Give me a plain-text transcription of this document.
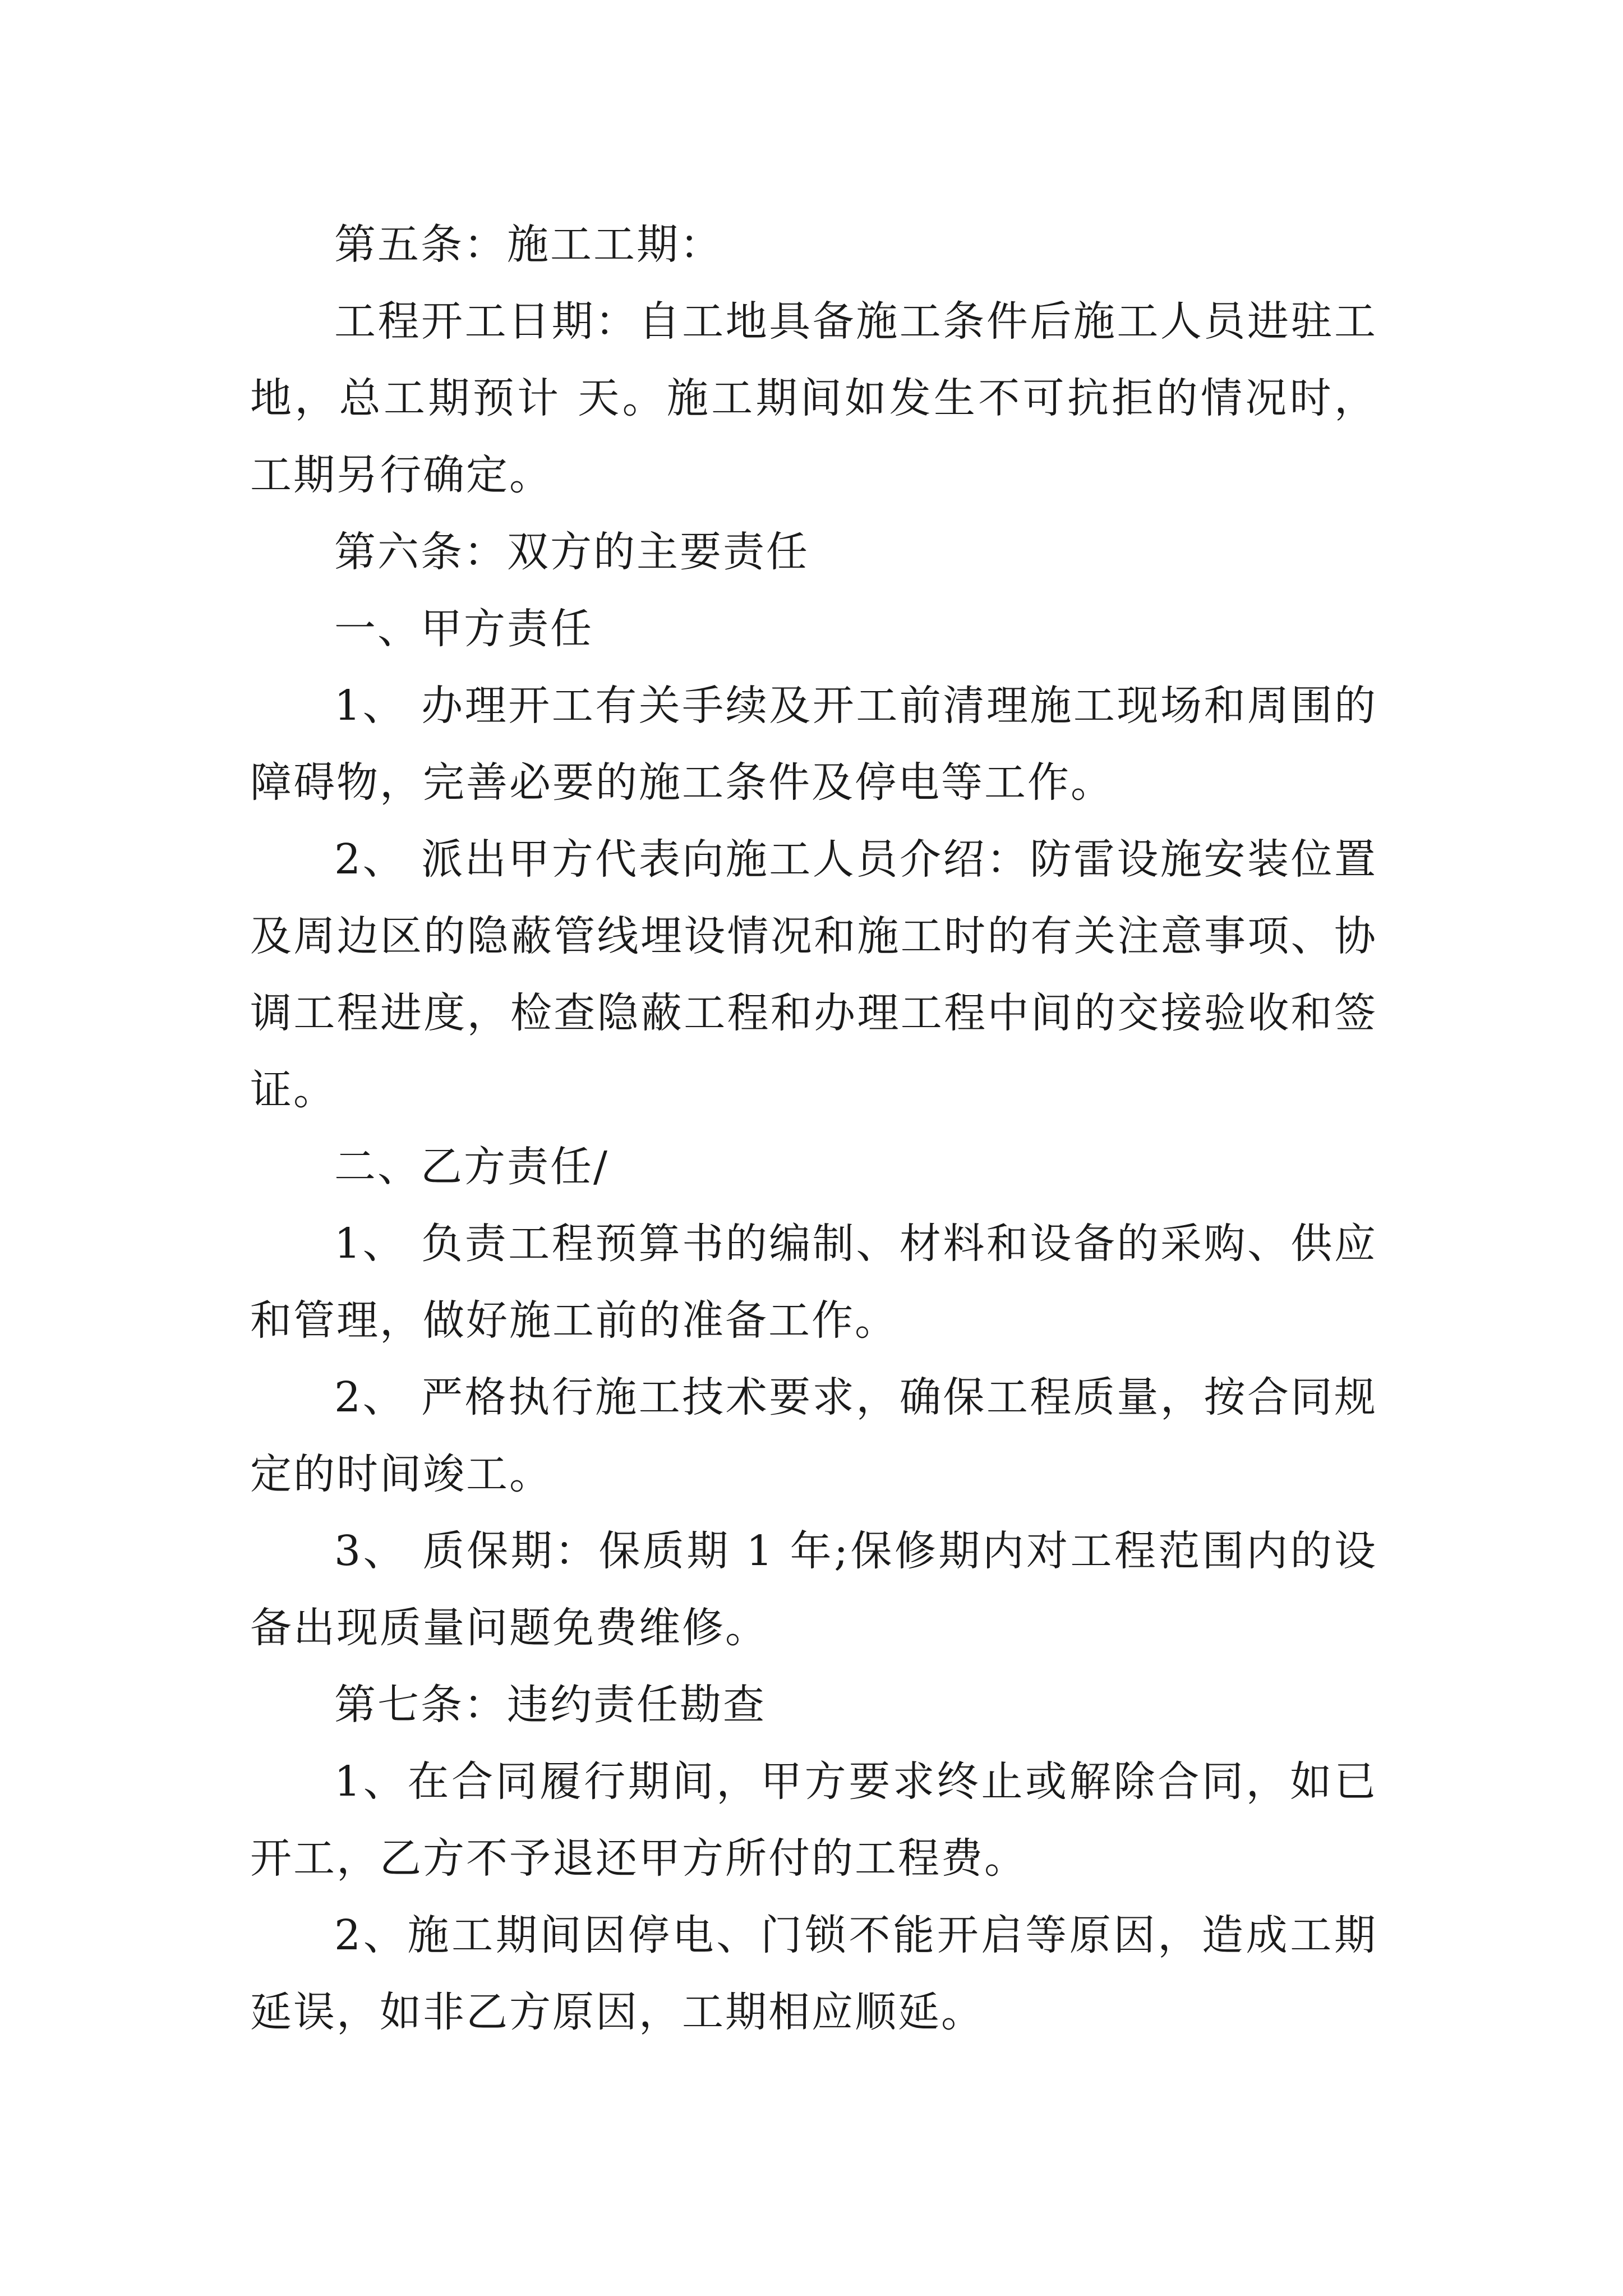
第五条：施工工期：

工程开工日期：自工地具备施工条件后施工人员进驻工地，总工期预计 天。施工期间如发生不可抗拒的情况时，工期另行确定。

第六条：双方的主要责任

一、甲方责任

1、 办理开工有关手续及开工前清理施工现场和周围的障碍物，完善必要的施工条件及停电等工作。

2、 派出甲方代表向施工人员介绍：防雷设施安装位置及周边区的隐蔽管线埋设情况和施工时的有关注意事项、协调工程进度，检查隐蔽工程和办理工程中间的交接验收和签证。

二、乙方责任/

1、 负责工程预算书的编制、材料和设备的采购、供应和管理，做好施工前的准备工作。

2、 严格执行施工技术要求，确保工程质量，按合同规定的时间竣工。

3、 质保期：保质期 1 年;保修期内对工程范围内的设备出现质量问题免费维修。

第七条：违约责任勘查

1、在合同履行期间，甲方要求终止或解除合同，如已开工，乙方不予退还甲方所付的工程费。

2、施工期间因停电、门锁不能开启等原因，造成工期延误，如非乙方原因，工期相应顺延。
